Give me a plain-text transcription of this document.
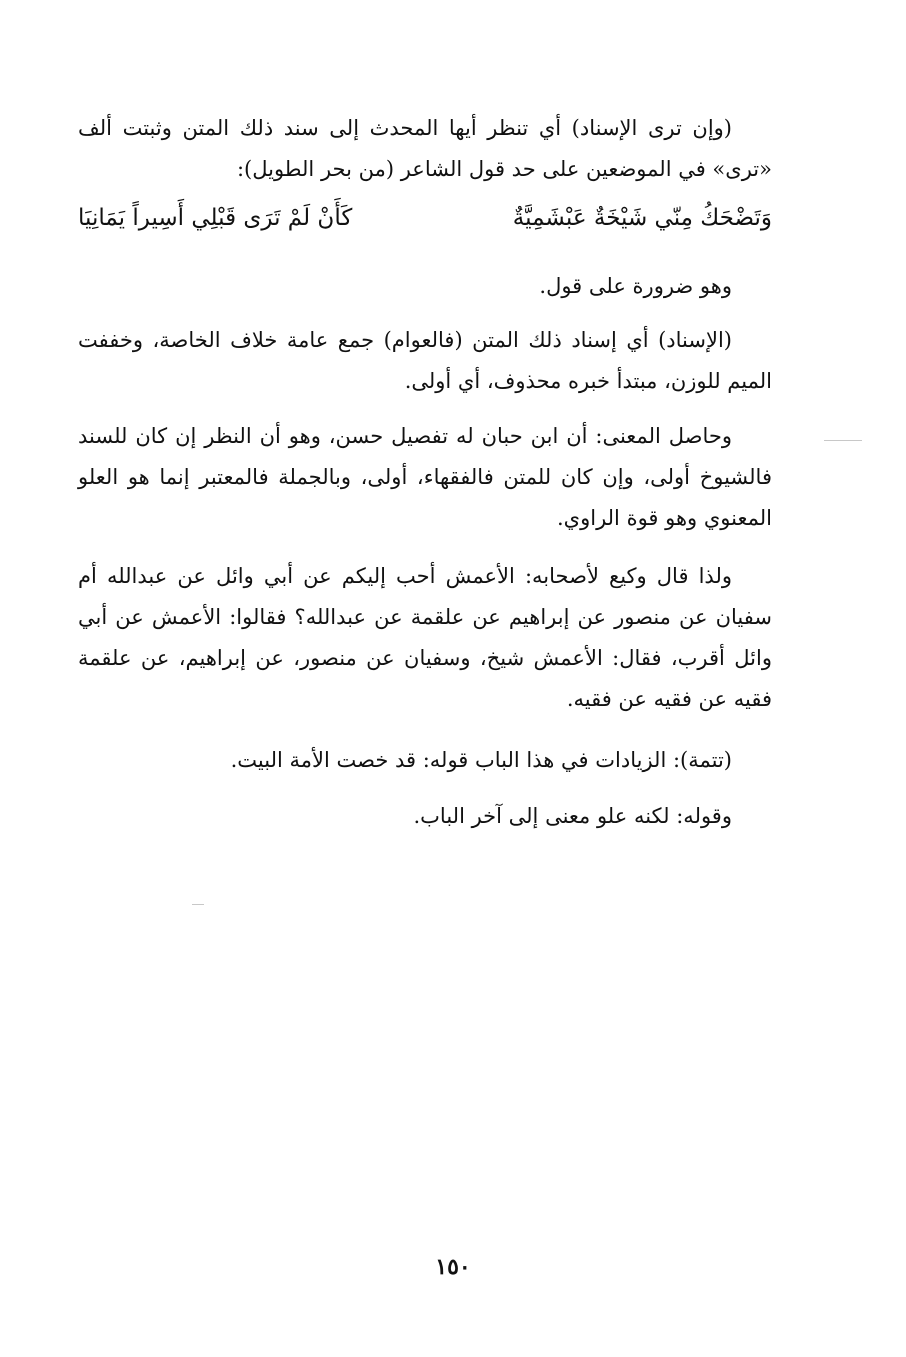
(وإن ترى الإسناد) أي تنظر أيها المحدث إلى سند ذلك المتن وثبتت ألف «ترى» في الموضعين على حد قول الشاعر (من بحر الطويل):

وَتَضْحَكُ مِنّي شَيْخَةٌ عَبْشَمِيَّةٌ
كَأَنْ لَمْ تَرَى قَبْلِي أَسِيراً يَمَانِيَا

وهو ضرورة على قول.

(الإسناد) أي إسناد ذلك المتن (فالعوام) جمع عامة خلاف الخاصة، وخففت الميم للوزن، مبتدأ خبره محذوف، أي أولى.

وحاصل المعنى: أن ابن حبان له تفصيل حسن، وهو أن النظر إن كان للسند فالشيوخ أولى، وإن كان للمتن فالفقهاء، أولى، وبالجملة فالمعتبر إنما هو العلو المعنوي وهو قوة الراوي.

ولذا قال وكيع لأصحابه: الأعمش أحب إليكم عن أبي وائل عن عبدالله أم سفيان عن منصور عن إبراهيم عن علقمة عن عبدالله؟ فقالوا: الأعمش عن أبي وائل أقرب، فقال: الأعمش شيخ، وسفيان عن منصور، عن إبراهيم، عن علقمة فقيه عن فقيه عن فقيه.

(تتمة): الزيادات في هذا الباب قوله: قد خصت الأمة البيت.

وقوله: لكنه علو معنى إلى آخر الباب.

١٥٠
